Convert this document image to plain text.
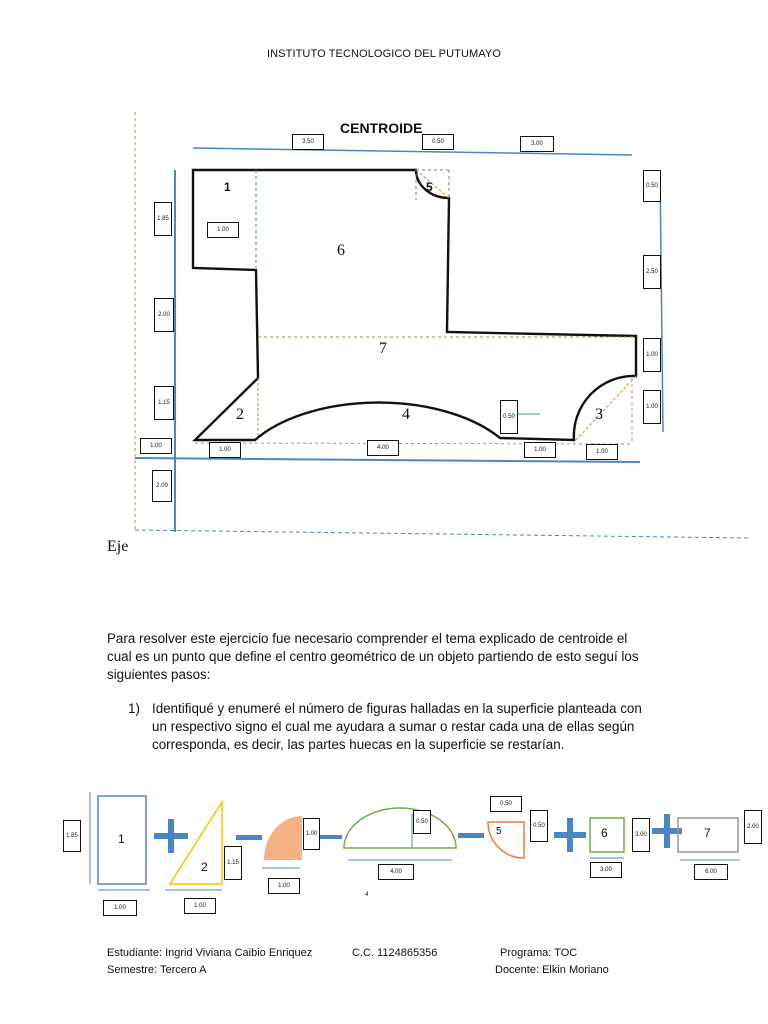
INSTITUTO TECNOLOGICO DEL PUTUMAYO
CENTROIDE
1
2	3
4
5
6
7
3.50	0.50	3.00
0.50
2.50
1.00
1.00
1.85
2.00
1.15
1.00
2.00
1.00
0.50
1.00	4.00	1.00	1.00
Eje
Para resolver este ejercicio fue necesario comprender el tema explicado de centroide el cual es un punto que define el centro geométrico de un objeto partiendo de esto seguí los siguientes pasos:
1) Identifiqué y enumeré el número de figuras halladas en la superficie planteada con un respectivo signo el cual me ayudara a sumar o restar cada una de ellas según corresponda, es decir, las partes huecas en la superficie se restarían.
1.85	1
1.00
2	1.15
1.00
1.00
1.00
0.50
4.00
4
0.50
5	0.50	6	3.00
3.00
7	2.00
6.00
Estudiante: Ingrid Viviana Caibio Enriquez	C.C. 1124865356	Programa: TOC
Semestre: Tercero A	Docente: Elkin Moriano
